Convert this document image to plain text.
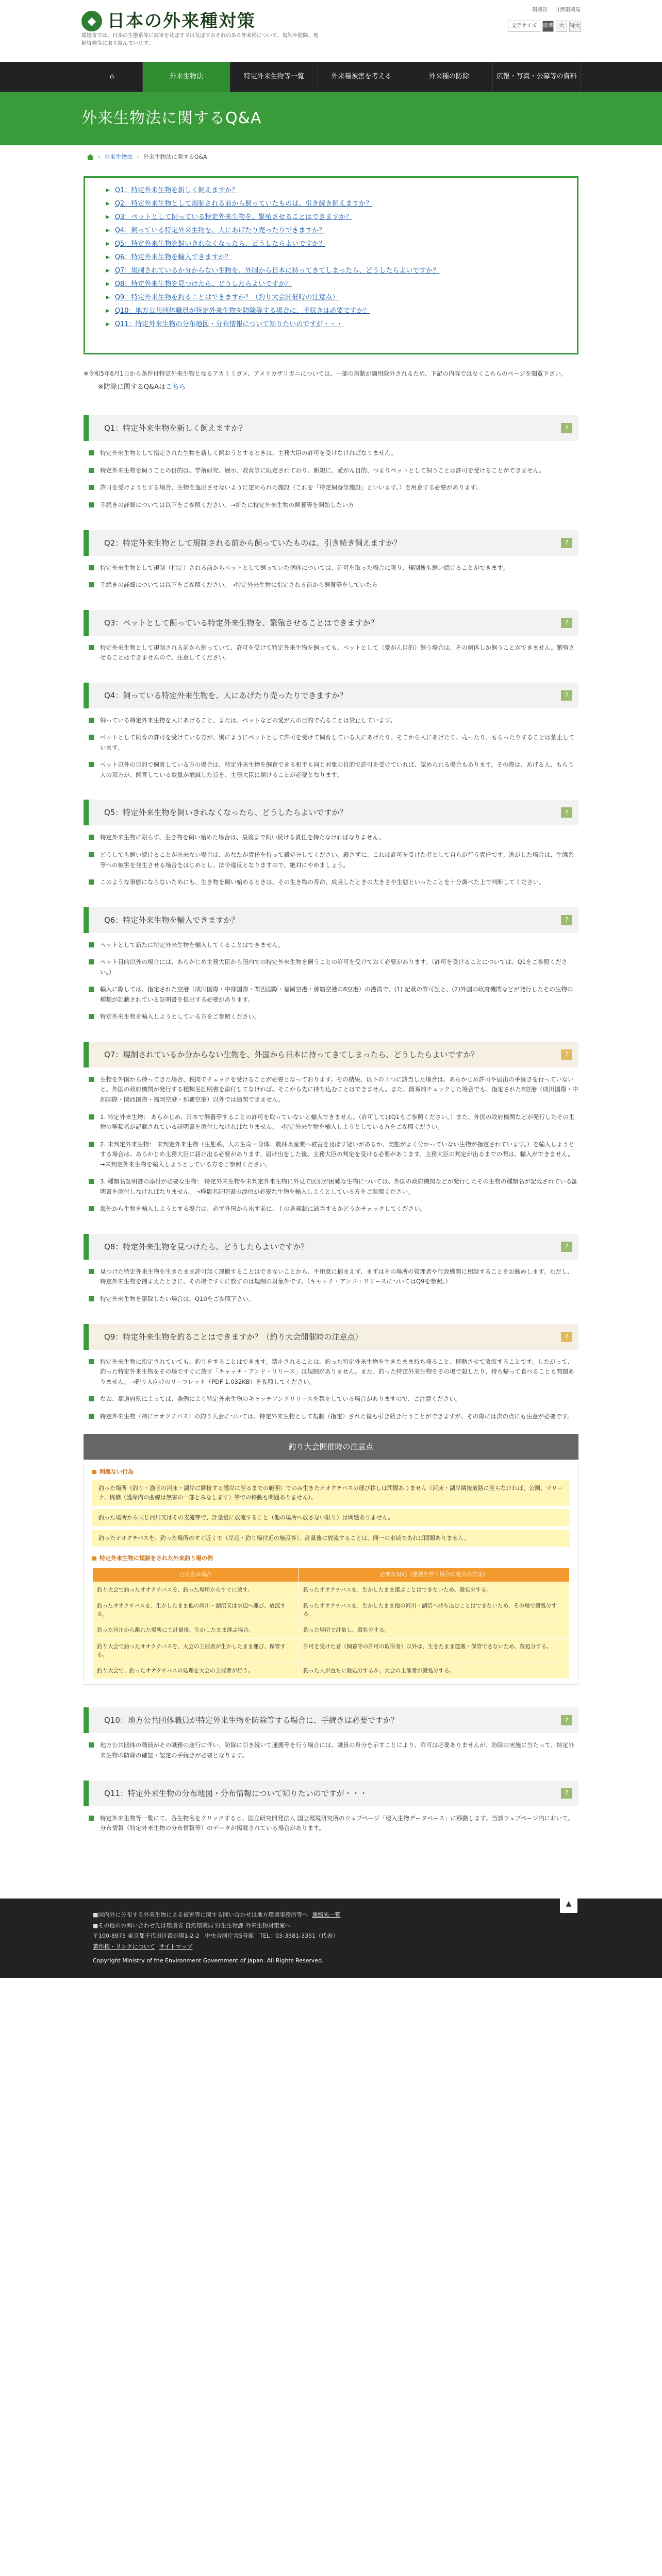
◆ 日本の外来種対策
環境省では、日本の生態系等に被害を及ぼす又は及ぼすおそれのある外来種について、規制や防除、理解啓発等に取り組んでいます。
環境省 自然環境局
文字サイズ	標準	大	特大
⌂	外来生物法	特定外来生物等一覧	外来種被害を考える	外来種の防除	広報・写真・公募等の資料
外来生物法に関するQ&A
› 外来生物法 › 外来生物法に関するQ&A
▶ Q1：特定外来生物を新しく飼えますか？
▶ Q2：特定外来生物として規制される前から飼っていたものは、引き続き飼えますか？
▶ Q3：ペットとして飼っている特定外来生物を、繁殖させることはできますか？
▶ Q4：飼っている特定外来生物を、人にあげたり売ったりできますか？
▶ Q5：特定外来生物を飼いきれなくなったら、どうしたらよいですか？
▶ Q6：特定外来生物を輸入できますか？
▶ Q7：規制されているか分からない生物を、外国から日本に持ってきてしまったら、どうしたらよいですか？
▶ Q8：特定外来生物を見つけたら、どうしたらよいですか？
▶ Q9：特定外来生物を釣ることはできますか？（釣り大会開催時の注意点）
▶ Q10：地方公共団体職員が特定外来生物を防除等する場合に、手続きは必要ですか？
▶ Q11：特定外来生物の分布地図・分布情報について知りたいのですが・・・
※令和5年6月1日から条件付特定外来生物となるアカミミガメ、アメリカザリガニについては、一部の規制が適用除外されるため、下記の内容ではなくこちらのページを閲覧下さい。
※防除に関するQ&Aはこちら
Q1：特定外来生物を新しく飼えますか？	?

特定外来生物として指定された生物を新しく飼おうとするときは、主務大臣の許可を受けなければなりません。

特定外来生物を飼うことの目的は、学術研究、展示、教育等に限定されており、新規に、愛がん目的、つまりペットとして飼うことは許可を受けることができません。

許可を受けようとする場合、生物を逸出させないように定められた施設（これを「特定飼養等施設」といいます。）を用意する必要があります。

手続きの詳細については以下をご参照ください。→新たに特定外来生物の飼養等を開始したい方

Q2：特定外来生物として規制される前から飼っていたものは、引き続き飼えますか？	?

特定外来生物として規制（指定）される前からペットとして飼っていた個体については、許可を取った場合に限り、規制後も飼い続けることができます。

手続きの詳細については以下をご参照ください。→特定外来生物に指定される前から飼養等をしていた方

Q3：ペットとして飼っている特定外来生物を、繁殖させることはできますか？	?

特定外来生物として規制される前から飼っていて、許可を受けて特定外来生物を飼っても、ペットとして（愛がん目的）飼う場合は、その個体しか飼うことができません。繁殖させることはできませんので、注意してください。

Q4：飼っている特定外来生物を、人にあげたり売ったりできますか？	?

飼っている特定外来生物を人にあげること、または、ペットなどの愛がんの目的で売ることは禁止しています。

ペットとして飼育の許可を受けている方が、別にようにペットとして許可を受けて飼育している人にあげたり、そこから人にあげたり、売ったり、もらったりすることは禁止しています。

ペット以外の目的で飼育している方の場合は、特定外来生物を飼育できる相手も同じ対象の目的で許可を受けていれば、認められる場合もあります。その際は、あげる人、もらう人の双方が、飼育している数量が増減した旨を、主務大臣に届けることが必要となります。

Q5：特定外来生物を飼いきれなくなったら、どうしたらよいですか？	?

特定外来生物に限らず、生き物を飼い始めた場合は、最後まで飼い続ける責任を持たなければなりません。

どうしても飼い続けることが出来ない場合は、あなたが責任を持って殺処分してください。殺さずに、これは許可を受けた者として自らが行う責任です。逃がした場合は、生態系等への被害を発生させる場合をはじめとし、法令違反となりますので、絶対にやめましょう。

このような事態にならないためにも、生き物を飼い始めるときは、その生き物の寿命、成長したときの大きさや生態といったことを十分調べた上で判断してください。

Q6：特定外来生物を輸入できますか？	?

ペットとして新たに特定外来生物を輸入してくることはできません。

ペット目的以外の場合には、あらかじめ主務大臣から国内での特定外来生物を飼うことの許可を受けておく必要があります。（許可を受けることについては、Q1をご参照ください。）

輸入に際しては、指定された空港（成田国際・中部国際・関西国際・福岡空港・那覇空港の8空港）の港湾で、(1) 記載の許可証と、(2)外国の政府機関などが発行したその生物の種類が記載されている証明書を提出する必要があります。

特定外来生物を輸入しようとしている方をご参照ください。

Q7：規制されているか分からない生物を、外国から日本に持ってきてしまったら、どうしたらよいですか？	?

生物を外国から持ってきた場合、税関でチェックを受けることが必要となっております。その結果、以下の３つに該当した場合は、あらかじめ許可や届出の手続きを行っていないと、外国の政府機関が発行する種類名証明書を添付してなければ、そこから先に持ち込むことはできません。また、簡易的チェックした場合でも、指定された8空港（成田国際・中部国際・関西国際・福岡空港・那覇空港）以外では通関できません。

1. 特定外来生物： あらかじめ、日本で飼養等することの許可を取っていないと輸入できません。（許可してはQ1もご参照ください。）また、外国の政府機関などが発行したその生物の種類名が記載されている証明書を添付しなければなりません。→特定外来生物を輸入しようとしている方をご参照ください。

2. 未判定外来生物： 未判定外来生物（生態系、人の生命・身体、農林水産業へ被害を及ぼす疑いがあるか、実態がよく分かっていない生物が指定されています。）を輸入しようとする場合は、あらかじめ主務大臣に届け出る必要があります。届け出をした後、主務大臣の判定を受ける必要があります。主務大臣の判定が出るまでの間は、輸入ができません。→未判定外来生物を輸入しようとしている方をご参照ください。

3. 種類名証明書の添付が必要な生物： 特定外来生物や未判定外来生物に外見で区別が困難な生物については、外国の政府機関などが発行したその生物の種類名が記載されている証明書を添付しなければなりません。→種類名証明書の添付が必要な生物を輸入しようとしている方をご参照ください。

海外から生物を輸入しようとする場合は、必ず外国から出す前に、上の各規制に該当するかどうかチェックしてください。

Q8：特定外来生物を見つけたら、どうしたらよいですか？	?

見つけた特定外来生物を生きたまま許可無く運搬することはできないことから、不用意に捕まえず、まずはその場所の管理者や行政機関に相談することをお勧めします。ただし、特定外来生物を捕まえたときに、その場ですぐに放すのは規制の対象外です。（キャッチ・アンド・リリースについてはQ9を参照。）

特定外来生物を駆除したい場合は、Q10をご参照下さい。

Q9：特定外来生物を釣ることはできますか？（釣り大会開催時の注意点）	?

特定外来生物に指定されていても、釣りをすることはできます。禁止されることは、釣った特定外来生物を生きたまま持ち帰ること、移動させて放流することです。したがって、釣った特定外来生物をその場ですぐに放す「キャッチ・アンド・リリース」は規制がありません。また、釣った特定外来生物をその場で殺したり、持ち帰って食べることも問題ありません。→釣り人向けのリーフレット（PDF 1.032KB）を参照してください。

なお、都道府県によっては、条例により特定外来生物のキャッチアンドリリースを禁止している場合がありますので、ご注意ください。

特定外来生物（特にオオクチバス）の釣り大会については、特定外来生物として規制（指定）された後も引き続き行うことができますが、その際には次の点にも注意が必要です。

釣り大会開催時の注意点
問題ない行為
釣った場所（釣り・漁区の河床・湖岸に隣接する護岸に至るまでの範囲）でのみ生きたオオクチバスの運び移しは問題ありません（河床・湖岸隣接道路に至らなければ、公園、マリーナ、桟橋（護岸内の曲線は無害の一部とみなします）等での移動も問題ありません）。
釣った場所から同じ河川又はその支流等で、計量後に放流すること（他の場所へ放さない限り）は問題ありません。
釣ったオオクチバスを、釣った場所のすぐ近くで（岸辺・釣り場付近の施設等）、計量後に放流することは、同一の水域であれば問題ありません。
特定外来生物に規制をされた外来釣り場の例
○大会の場合	必要な対応（運搬を伴う場合の処分の方法）
釣り大会で釣ったオオクチバスを、釣った場所からすぐに放す。	釣ったオオクチバスを、生かしたまま運ぶことはできないため、殺処分する。
釣ったオオクチバスを、生かしたまま他の河川・湖沼又は水辺へ運び、放流する。	釣ったオオクチバスを、生かしたまま他の河川・湖沼へ持ち込むことはできないため、その場で殺処分する。
釣った河川から離れた場所にて計量後、生かしたまま運ぶ場合。	釣った場所で計量し、殺処分する。
釣り大会で釣ったオオクチバスを、大会の主催者が生かしたまま運び、保管する。	許可を受けた者（飼養等の許可の取得者）以外は、生きたまま運搬・保管できないため、殺処分する。
釣り大会で、釣ったオオクチバスの処理を大会の主催者が行う。	釣った人が直ちに殺処分するか、大会の主催者が殺処分する。
Q10：地方公共団体職員が特定外来生物を防除等する場合に、手続きは必要ですか？	?

地方公共団体の職員がその職務の遂行に伴い、防除に引き続いて運搬等を行う場合には、職員の身分を示すことにより、許可は必要ありませんが、防除の実施に当たって、特定外来生物の防除の確認・認定の手続きが必要となります。

Q11：特定外来生物の分布地図・分布情報について知りたいのですが・・・	?

特定外来生物等一覧にて、各生物名をクリックすると、国立研究開発法人 国立環境研究所のウェブページ「侵入生物データベース」に移動します。当該ウェブページ内において、分布情報（特定外来生物の分布情報等）のデータが掲載されている場合があります。

▲
■国内外に分布する外来生物による被害等に関する問い合わせは地方環境事務所等へ 連絡先一覧
■その他のお問い合わせ先は環境省 自然環境局 野生生物課 外来生物対策室へ
〒100-8975 東京都千代田区霞が関1-2-2　中央合同庁舎5号館　TEL：03-3581-3351（代表）
著作権・リンクについて サイトマップ
Copyright Ministry of the Environment Government of Japan. All Rights Reserved.
